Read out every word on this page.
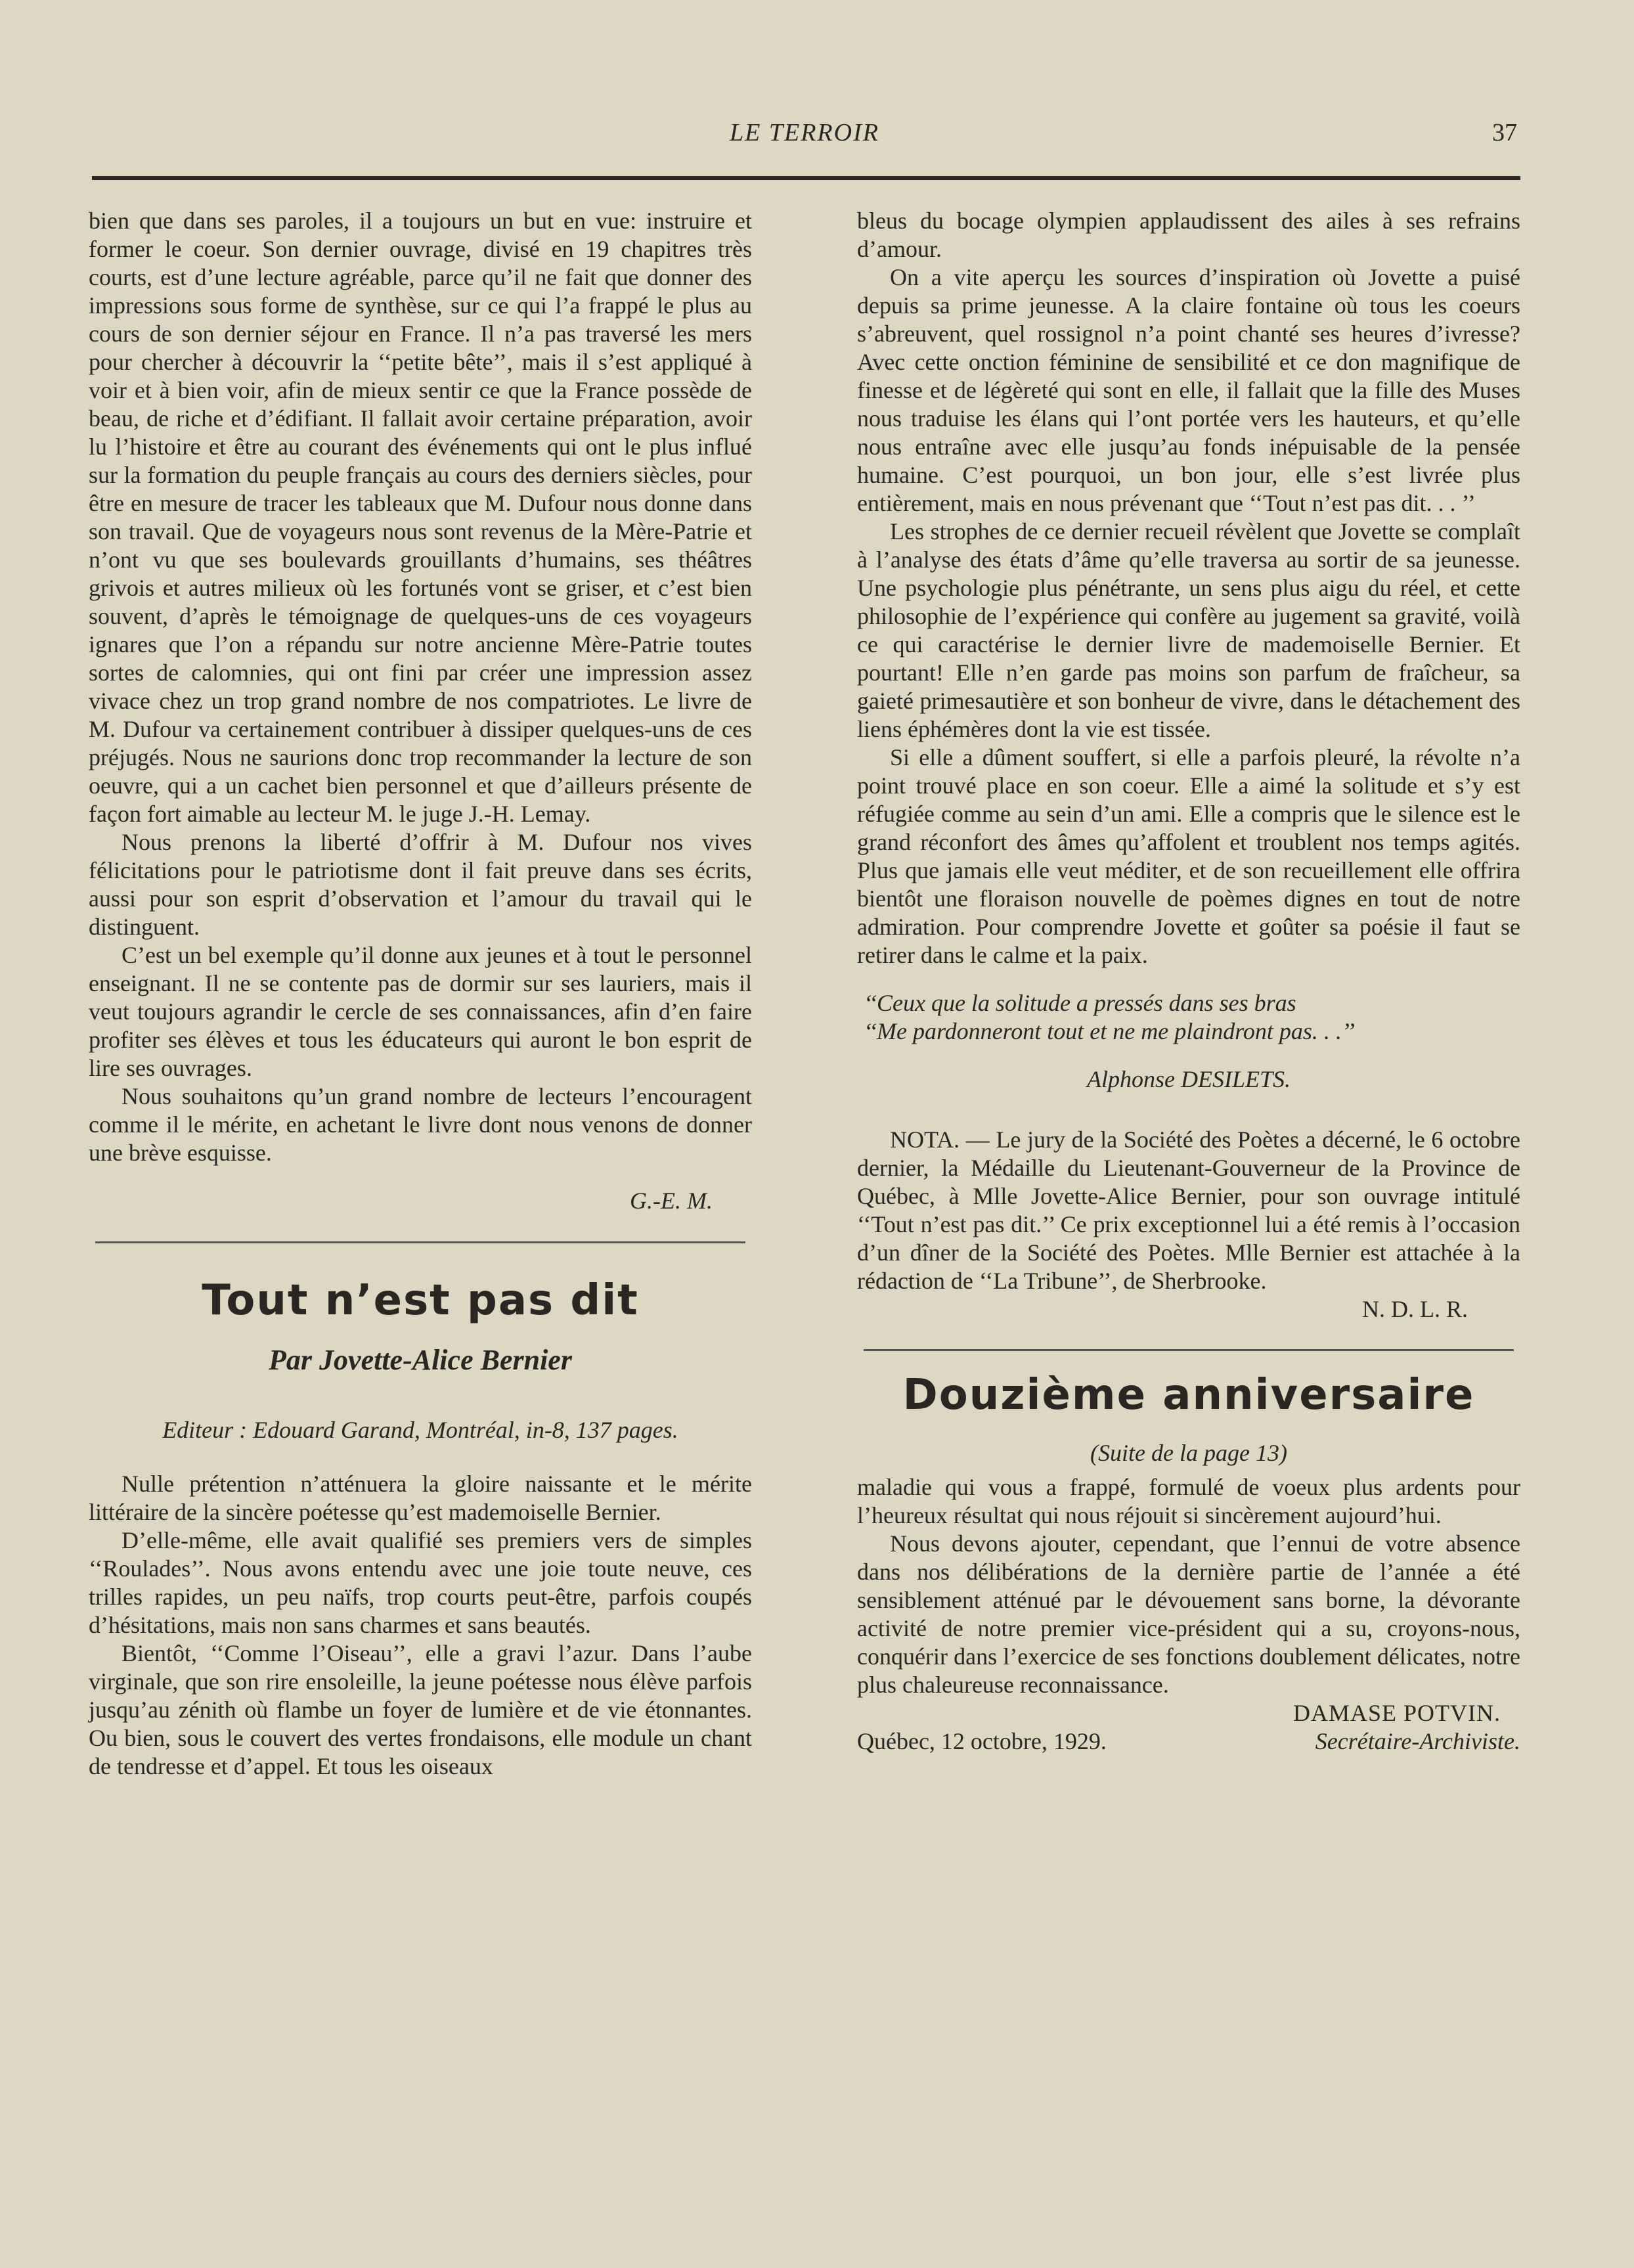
LE TERROIR	37

bien que dans ses paroles, il a toujours un but en vue: instruire et former le coeur. Son dernier ouvrage, divisé en 19 chapitres très courts, est d’une lecture agréable, parce qu’il ne fait que donner des impressions sous forme de synthèse, sur ce qui l’a frappé le plus au cours de son dernier séjour en France. Il n’a pas traversé les mers pour chercher à découvrir la ‘‘petite bête’’, mais il s’est appliqué à voir et à bien voir, afin de mieux sentir ce que la France possède de beau, de riche et d’édifiant. Il fallait avoir certaine préparation, avoir lu l’histoire et être au courant des événements qui ont le plus influé sur la formation du peuple français au cours des derniers siècles, pour être en mesure de tracer les tableaux que M. Dufour nous donne dans son travail. Que de voyageurs nous sont revenus de la Mère-Patrie et n’ont vu que ses boulevards grouillants d’humains, ses théâtres grivois et autres milieux où les fortunés vont se griser, et c’est bien souvent, d’après le témoignage de quelques-uns de ces voyageurs ignares que l’on a répandu sur notre ancienne Mère-Patrie toutes sortes de calomnies, qui ont fini par créer une impression assez vivace chez un trop grand nombre de nos compatriotes. Le livre de M. Dufour va certainement contribuer à dissiper quelques-uns de ces préjugés. Nous ne saurions donc trop recommander la lecture de son oeuvre, qui a un cachet bien personnel et que d’ailleurs présente de façon fort aimable au lecteur M. le juge J.-H. Lemay.

Nous prenons la liberté d’offrir à M. Dufour nos vives félicitations pour le patriotisme dont il fait preuve dans ses écrits, aussi pour son esprit d’observation et l’amour du travail qui le distinguent.

C’est un bel exemple qu’il donne aux jeunes et à tout le personnel enseignant. Il ne se contente pas de dormir sur ses lauriers, mais il veut toujours agrandir le cercle de ses connaissances, afin d’en faire profiter ses élèves et tous les éducateurs qui auront le bon esprit de lire ses ouvrages.

Nous souhaitons qu’un grand nombre de lecteurs l’encouragent comme il le mérite, en achetant le livre dont nous venons de donner une brève esquisse.

G.-E. M.
Tout n’est pas dit
Par Jovette-Alice Bernier
Editeur : Edouard Garand, Montréal, in-8, 137 pages.

Nulle prétention n’atténuera la gloire naissante et le mérite littéraire de la sincère poétesse qu’est mademoiselle Bernier.

D’elle-même, elle avait qualifié ses premiers vers de simples ‘‘Roulades’’. Nous avons entendu avec une joie toute neuve, ces trilles rapides, un peu naïfs, trop courts peut-être, parfois coupés d’hésitations, mais non sans charmes et sans beautés.

Bientôt, ‘‘Comme l’Oiseau’’, elle a gravi l’azur. Dans l’aube virginale, que son rire ensoleille, la jeune poétesse nous élève parfois jusqu’au zénith où flambe un foyer de lumière et de vie étonnantes. Ou bien, sous le couvert des vertes frondaisons, elle module un chant de tendresse et d’appel. Et tous les oiseaux

bleus du bocage olympien applaudissent des ailes à ses refrains d’amour.

On a vite aperçu les sources d’inspiration où Jovette a puisé depuis sa prime jeunesse. A la claire fontaine où tous les coeurs s’abreuvent, quel rossignol n’a point chanté ses heures d’ivresse? Avec cette onction féminine de sensibilité et ce don magnifique de finesse et de légèreté qui sont en elle, il fallait que la fille des Muses nous traduise les élans qui l’ont portée vers les hauteurs, et qu’elle nous entraîne avec elle jusqu’au fonds inépuisable de la pensée humaine. C’est pourquoi, un bon jour, elle s’est livrée plus entièrement, mais en nous prévenant que ‘‘Tout n’est pas dit. . . ’’

Les strophes de ce dernier recueil révèlent que Jovette se complaît à l’analyse des états d’âme qu’elle traversa au sortir de sa jeunesse. Une psychologie plus pénétrante, un sens plus aigu du réel, et cette philosophie de l’expérience qui confère au jugement sa gravité, voilà ce qui caractérise le dernier livre de mademoiselle Bernier. Et pourtant! Elle n’en garde pas moins son parfum de fraîcheur, sa gaieté primesautière et son bonheur de vivre, dans le détachement des liens éphémères dont la vie est tissée.

Si elle a dûment souffert, si elle a parfois pleuré, la révolte n’a point trouvé place en son coeur. Elle a aimé la solitude et s’y est réfugiée comme au sein d’un ami. Elle a compris que le silence est le grand réconfort des âmes qu’affolent et troublent nos temps agités. Plus que jamais elle veut méditer, et de son recueillement elle offrira bientôt une floraison nouvelle de poèmes dignes en tout de notre admiration. Pour comprendre Jovette et goûter sa poésie il faut se retirer dans le calme et la paix.

‘‘Ceux que la solitude a pressés dans ses bras
‘‘Me pardonneront tout et ne me plaindront pas. . .’’
Alphonse DESILETS.

NOTA. — Le jury de la Société des Poètes a décerné, le 6 octobre dernier, la Médaille du Lieutenant-Gouverneur de la Province de Québec, à Mlle Jovette-Alice Bernier, pour son ouvrage intitulé ‘‘Tout n’est pas dit.’’ Ce prix exceptionnel lui a été remis à l’occasion d’un dîner de la Société des Poètes. Mlle Bernier est attachée à la rédaction de ‘‘La Tribune’’, de Sherbrooke.

N. D. L. R.
Douzième anniversaire
(Suite de la page 13)

maladie qui vous a frappé, formulé de voeux plus ardents pour l’heureux résultat qui nous réjouit si sincèrement aujourd’hui.

Nous devons ajouter, cependant, que l’ennui de votre absence dans nos délibérations de la dernière partie de l’année a été sensiblement atténué par le dévouement sans borne, la dévorante activité de notre premier vice-président qui a su, croyons-nous, conquérir dans l’exercice de ses fonctions doublement délicates, notre plus chaleureuse reconnaissance.

DAMASE POTVIN.
Québec, 12 octobre, 1929.	Secrétaire-Archiviste.
